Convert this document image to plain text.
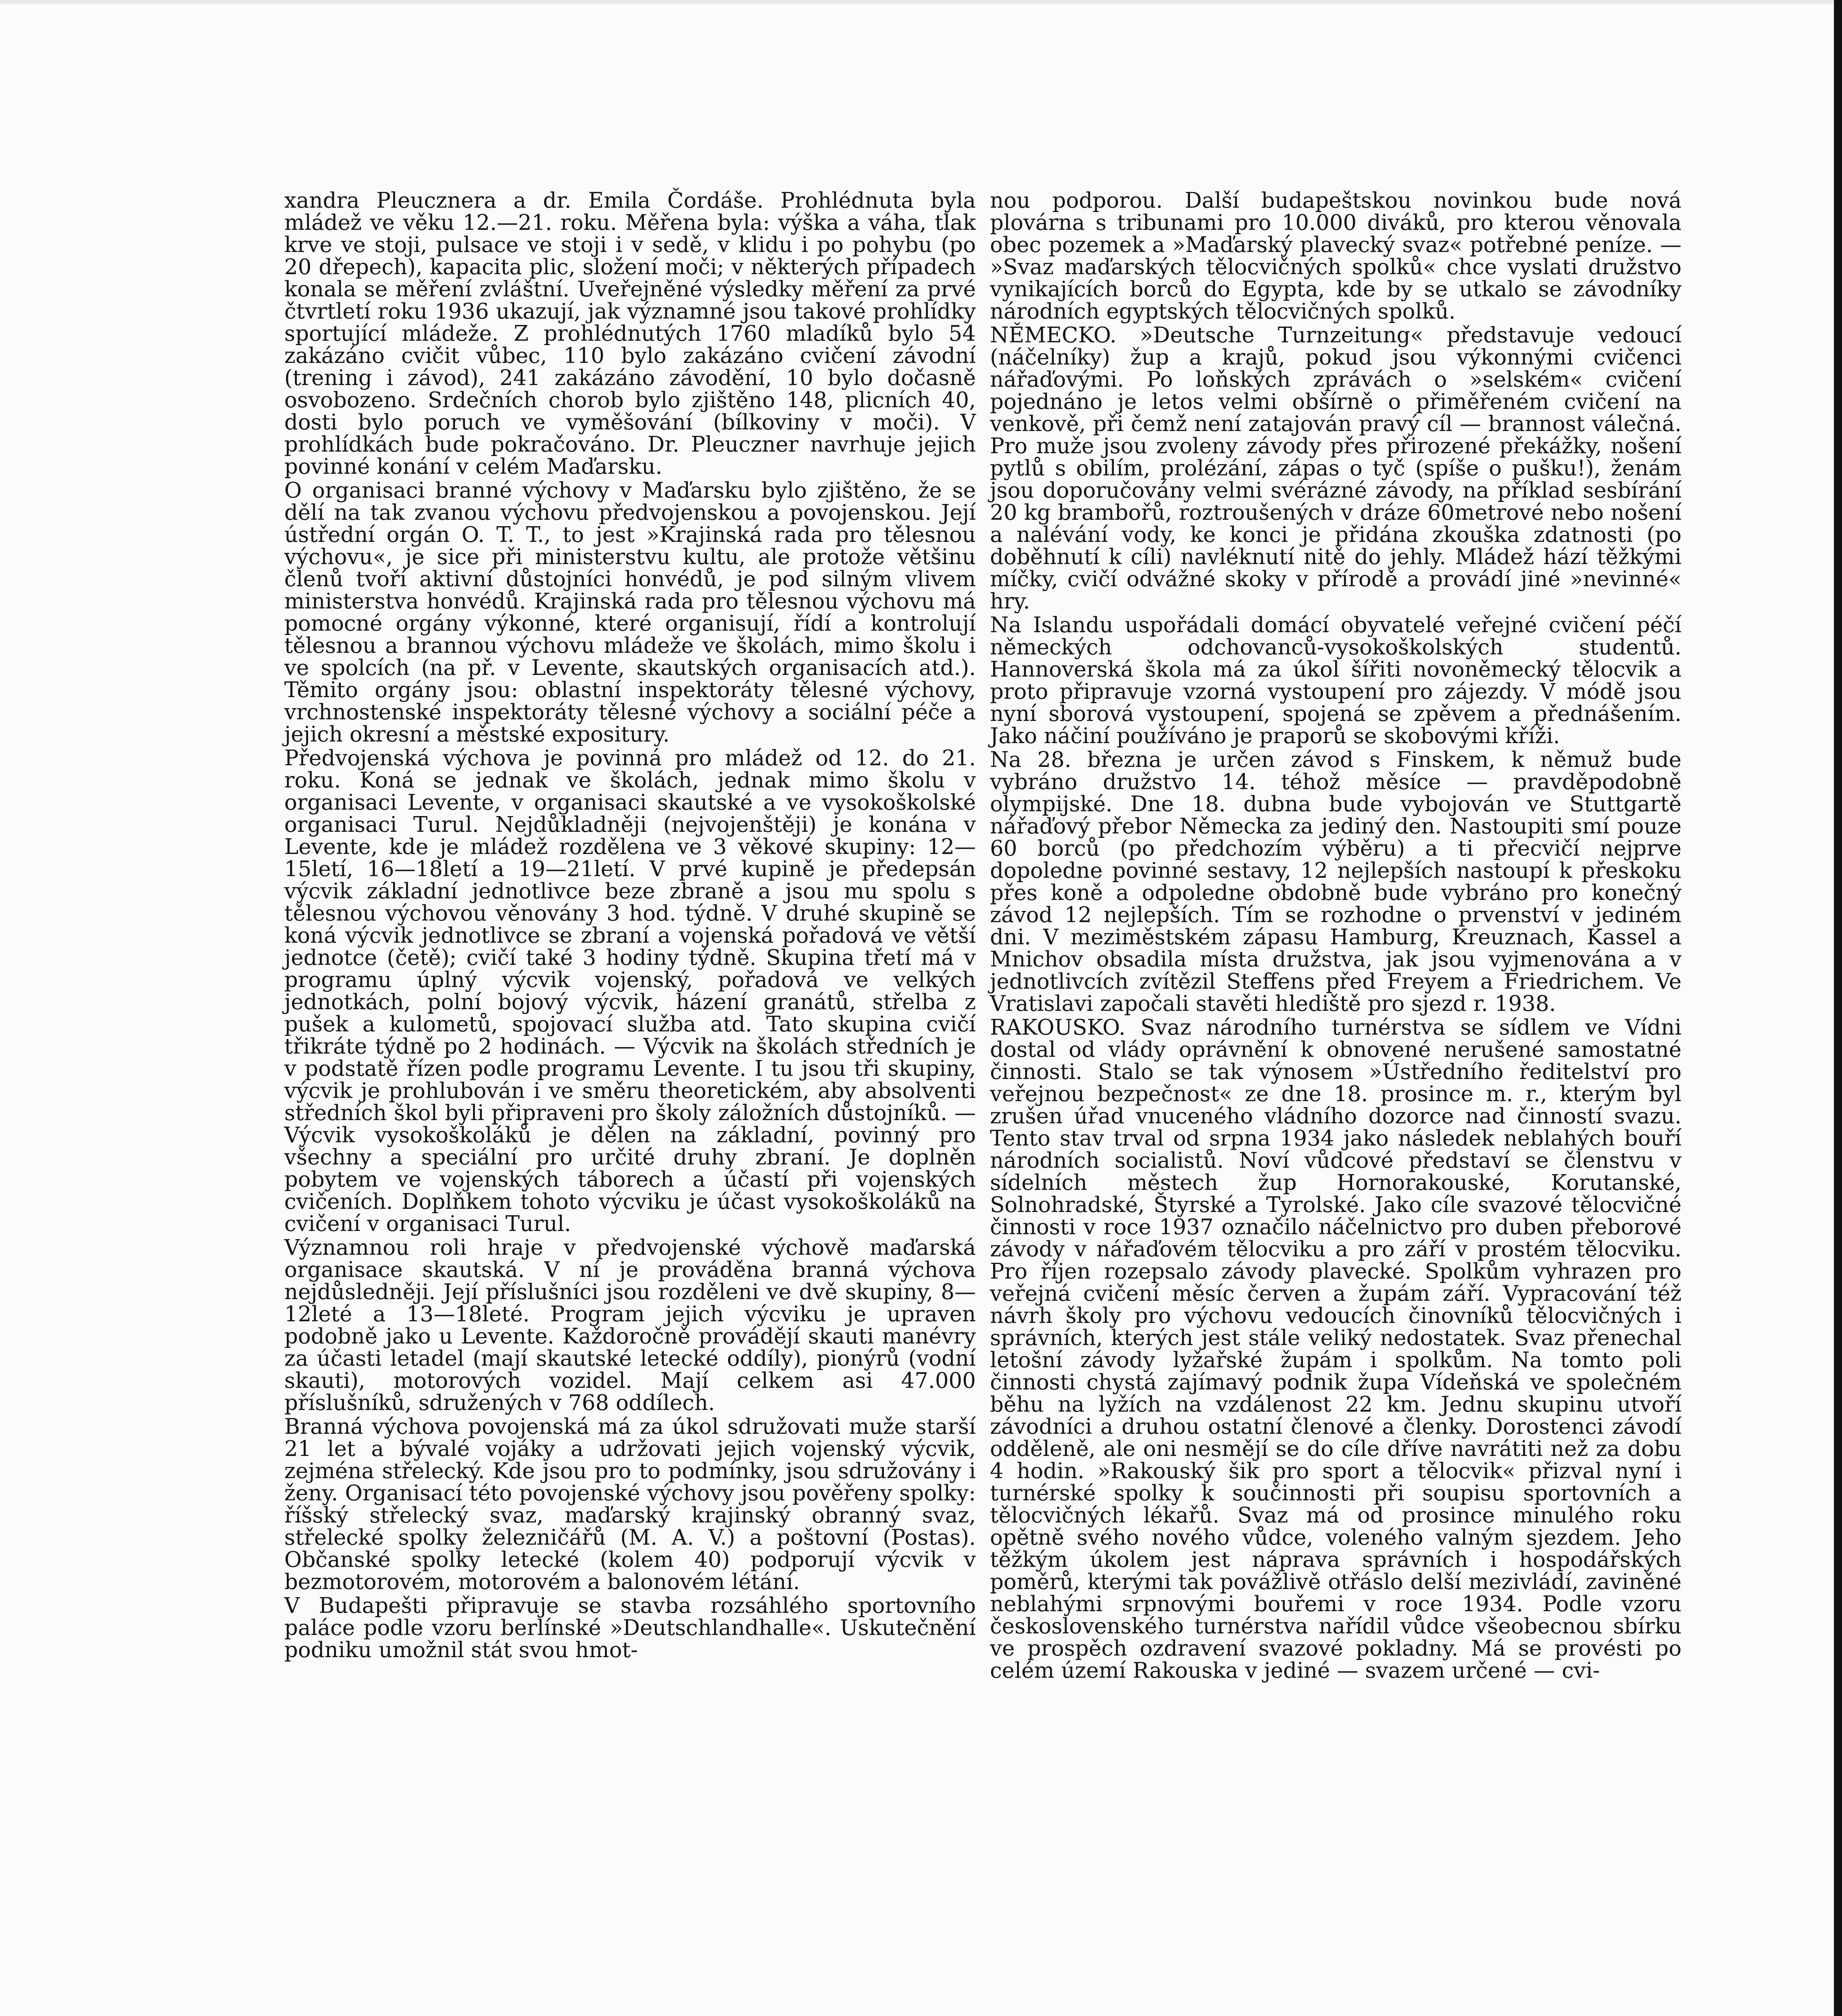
xandra Pleucznera a dr. Emila Čordáše. Prohlédnuta byla mládež ve věku 12.—21. roku. Měřena byla: výška a váha, tlak krve ve stoji, pulsace ve stoji i v sedě, v klidu i po pohybu (po 20 dřepech), kapacita plic, složení moči; v některých případech konala se měření zvláštní. Uveřejněné výsledky měření za prvé čtvrtletí roku 1936 ukazují, jak významné jsou takové prohlídky sportující mládeže. Z prohlédnutých 1760 mladíků bylo 54 zakázáno cvičit vůbec, 110 bylo zakázáno cvičení závodní (trening i závod), 241 zakázáno závodění, 10 bylo dočasně osvobozeno. Srdečních chorob bylo zjištěno 148, plicních 40, dosti bylo poruch ve vyměšování (bílkoviny v moči). V prohlídkách bude pokračováno. Dr. Pleuczner navrhuje jejich povinné konání v celém Maďarsku.

O organisaci branné výchovy v Maďarsku bylo zjištěno, že se dělí na tak zvanou výchovu předvojenskou a povojenskou. Její ústřední orgán O. T. T., to jest »Krajinská rada pro tělesnou výchovu«, je sice při ministerstvu kultu, ale protože většinu členů tvoří aktivní důstojníci honvédů, je pod silným vlivem ministerstva honvédů. Krajinská rada pro tělesnou výchovu má pomocné orgány výkonné, které organisují, řídí a kontrolují tělesnou a brannou výchovu mládeže ve školách, mimo školu i ve spolcích (na př. v Levente, skautských organisacích atd.). Těmito orgány jsou: oblastní inspektoráty tělesné výchovy, vrchnostenské inspektoráty tělesné výchovy a sociální péče a jejich okresní a městské expositury.

Předvojenská výchova je povinná pro mládež od 12. do 21. roku. Koná se jednak ve školách, jednak mimo školu v organisaci Levente, v organisaci skautské a ve vysokoškolské organisaci Turul. Nejdůkladněji (nejvojenštěji) je konána v Levente, kde je mládež rozdělena ve 3 věkové skupiny: 12—15letí, 16—18letí a 19—21letí. V prvé kupině je předepsán výcvik základní jednotlivce beze zbraně a jsou mu spolu s tělesnou výchovou věnovány 3 hod. týdně. V druhé skupině se koná výcvik jednotlivce se zbraní a vojenská pořadová ve větší jednotce (četě); cvičí také 3 hodiny týdně. Skupina třetí má v programu úplný výcvik vojenský, pořadová ve velkých jednotkách, polní bojový výcvik, házení granátů, střelba z pušek a kulometů, spojovací služba atd. Tato skupina cvičí třikráte týdně po 2 hodinách. — Výcvik na školách středních je v podstatě řízen podle programu Levente. I tu jsou tři skupiny, výcvik je prohlubován i ve směru theoretickém, aby absolventi středních škol byli připraveni pro školy záložních důstojníků. — Výcvik vysokoškoláků je dělen na základní, povinný pro všechny a speciální pro určité druhy zbraní. Je doplněn pobytem ve vojenských táborech a účastí při vojenských cvičeních. Doplňkem tohoto výcviku je účast vysokoškoláků na cvičení v organisaci Turul.

Významnou roli hraje v předvojenské výchově maďarská organisace skautská. V ní je prováděna branná výchova nejdůsledněji. Její příslušníci jsou rozděleni ve dvě skupiny, 8—12leté a 13—18leté. Program jejich výcviku je upraven podobně jako u Levente. Každoročně provádějí skauti manévry za účasti letadel (mají skautské letecké oddíly), pionýrů (vodní skauti), motorových vozidel. Mají celkem asi 47.000 příslušníků, sdružených v 768 oddílech.

Branná výchova povojenská má za úkol sdružovati muže starší 21 let a bývalé vojáky a udržovati jejich vojenský výcvik, zejména střelecký. Kde jsou pro to podmínky, jsou sdružovány i ženy. Organisací této povojenské výchovy jsou pověřeny spolky: říšský střelecký svaz, maďarský krajinský obranný svaz, střelecké spolky železničářů (M. A. V.) a poštovní (Postas). Občanské spolky letecké (kolem 40) podporují výcvik v bezmotorovém, motorovém a balonovém létání.

V Budapešti připravuje se stavba rozsáhlého sportovního paláce podle vzoru berlínské »Deutschlandhalle«. Uskutečnění podniku umožnil stát svou hmot-

nou podporou. Další budapeštskou novinkou bude nová plovárna s tribunami pro 10.000 diváků, pro kterou věnovala obec pozemek a »Maďarský plavecký svaz« potřebné peníze. — »Svaz maďarských tělocvičných spolků« chce vyslati družstvo vynikajících borců do Egypta, kde by se utkalo se závodníky národních egyptských tělocvičných spolků.

NĚMECKO. »Deutsche Turnzeitung« představuje vedoucí (náčelníky) žup a krajů, pokud jsou výkonnými cvičenci nářaďovými. Po loňských zprávách o »selském« cvičení pojednáno je letos velmi obšírně o přiměřeném cvičení na venkově, při čemž není zatajován pravý cíl — brannost válečná. Pro muže jsou zvoleny závody přes přirozené překážky, nošení pytlů s obilím, prolézání, zápas o tyč (spíše o pušku!), ženám jsou doporučovány velmi svérázné závody, na příklad sesbírání 20 kg brambořů, roztroušených v dráze 60metrové nebo nošení a nalévání vody, ke konci je přidána zkouška zdatnosti (po doběhnutí k cíli) navléknutí nitě do jehly. Mládež hází těžkými míčky, cvičí odvážné skoky v přírodě a provádí jiné »nevinné« hry.

Na Islandu uspořádali domácí obyvatelé veřejné cvičení péčí německých odchovanců-vysokoškolských studentů. Hannoverská škola má za úkol šířiti novoněmecký tělocvik a proto připravuje vzorná vystoupení pro zájezdy. V módě jsou nyní sborová vystoupení, spojená se zpěvem a přednášením. Jako náčiní používáno je praporů se skobovými kříži.

Na 28. března je určen závod s Finskem, k němuž bude vybráno družstvo 14. téhož měsíce — pravděpodobně olympijské. Dne 18. dubna bude vybojován ve Stuttgartě nářaďový přebor Německa za jediný den. Nastoupiti smí pouze 60 borců (po předchozím výběru) a ti přecvičí nejprve dopoledne povinné sestavy, 12 nejlepších nastoupí k přeskoku přes koně a odpoledne obdobně bude vybráno pro konečný závod 12 nejlepších. Tím se rozhodne o prvenství v jediném dni. V meziměstském zápasu Hamburg, Kreuznach, Kassel a Mnichov obsadila místa družstva, jak jsou vyjmenována a v jednotlivcích zvítězil Steffens před Freyem a Friedrichem. Ve Vratislavi započali stavěti hlediště pro sjezd r. 1938.

RAKOUSKO. Svaz národního turnérstva se sídlem ve Vídni dostal od vlády oprávnění k obnovené nerušené samostatné činnosti. Stalo se tak výnosem »Ústředního ředitelství pro veřejnou bezpečnost« ze dne 18. prosince m. r., kterým byl zrušen úřad vnuceného vládního dozorce nad činností svazu. Tento stav trval od srpna 1934 jako následek neblahých bouří národních socialistů. Noví vůdcové představí se členstvu v sídelních městech žup Hornorakouské, Korutanské, Solnohradské, Štyrské a Tyrolské. Jako cíle svazové tělocvičné činnosti v roce 1937 označilo náčelnictvo pro duben přeborové závody v nářaďovém tělocviku a pro září v prostém tělocviku. Pro říjen rozepsalo závody plavecké. Spolkům vyhrazen pro veřejná cvičení měsíc červen a župám září. Vypracování též návrh školy pro výchovu vedoucích činovníků tělocvičných i správních, kterých jest stále veliký nedostatek. Svaz přenechal letošní závody lyžařské župám i spolkům. Na tomto poli činnosti chystá zajímavý podnik župa Vídeňská ve společném běhu na lyžích na vzdálenost 22 km. Jednu skupinu utvoří závodníci a druhou ostatní členové a členky. Dorostenci závodí odděleně, ale oni nesmějí se do cíle dříve navrátiti než za dobu 4 hodin. »Rakouský šik pro sport a tělocvik« přizval nyní i turnérské spolky k součinnosti při soupisu sportovních a tělocvičných lékařů. Svaz má od prosince minulého roku opětně svého nového vůdce, voleného valným sjezdem. Jeho těžkým úkolem jest náprava správních i hospodářských poměrů, kterými tak povážlivě otřáslo delší mezivládí, zaviněné neblahými srpnovými bouřemi v roce 1934. Podle vzoru československého turnérstva nařídil vůdce všeobecnou sbírku ve prospěch ozdravení svazové pokladny. Má se provésti po celém území Rakouska v jediné — svazem určené — cvi-
